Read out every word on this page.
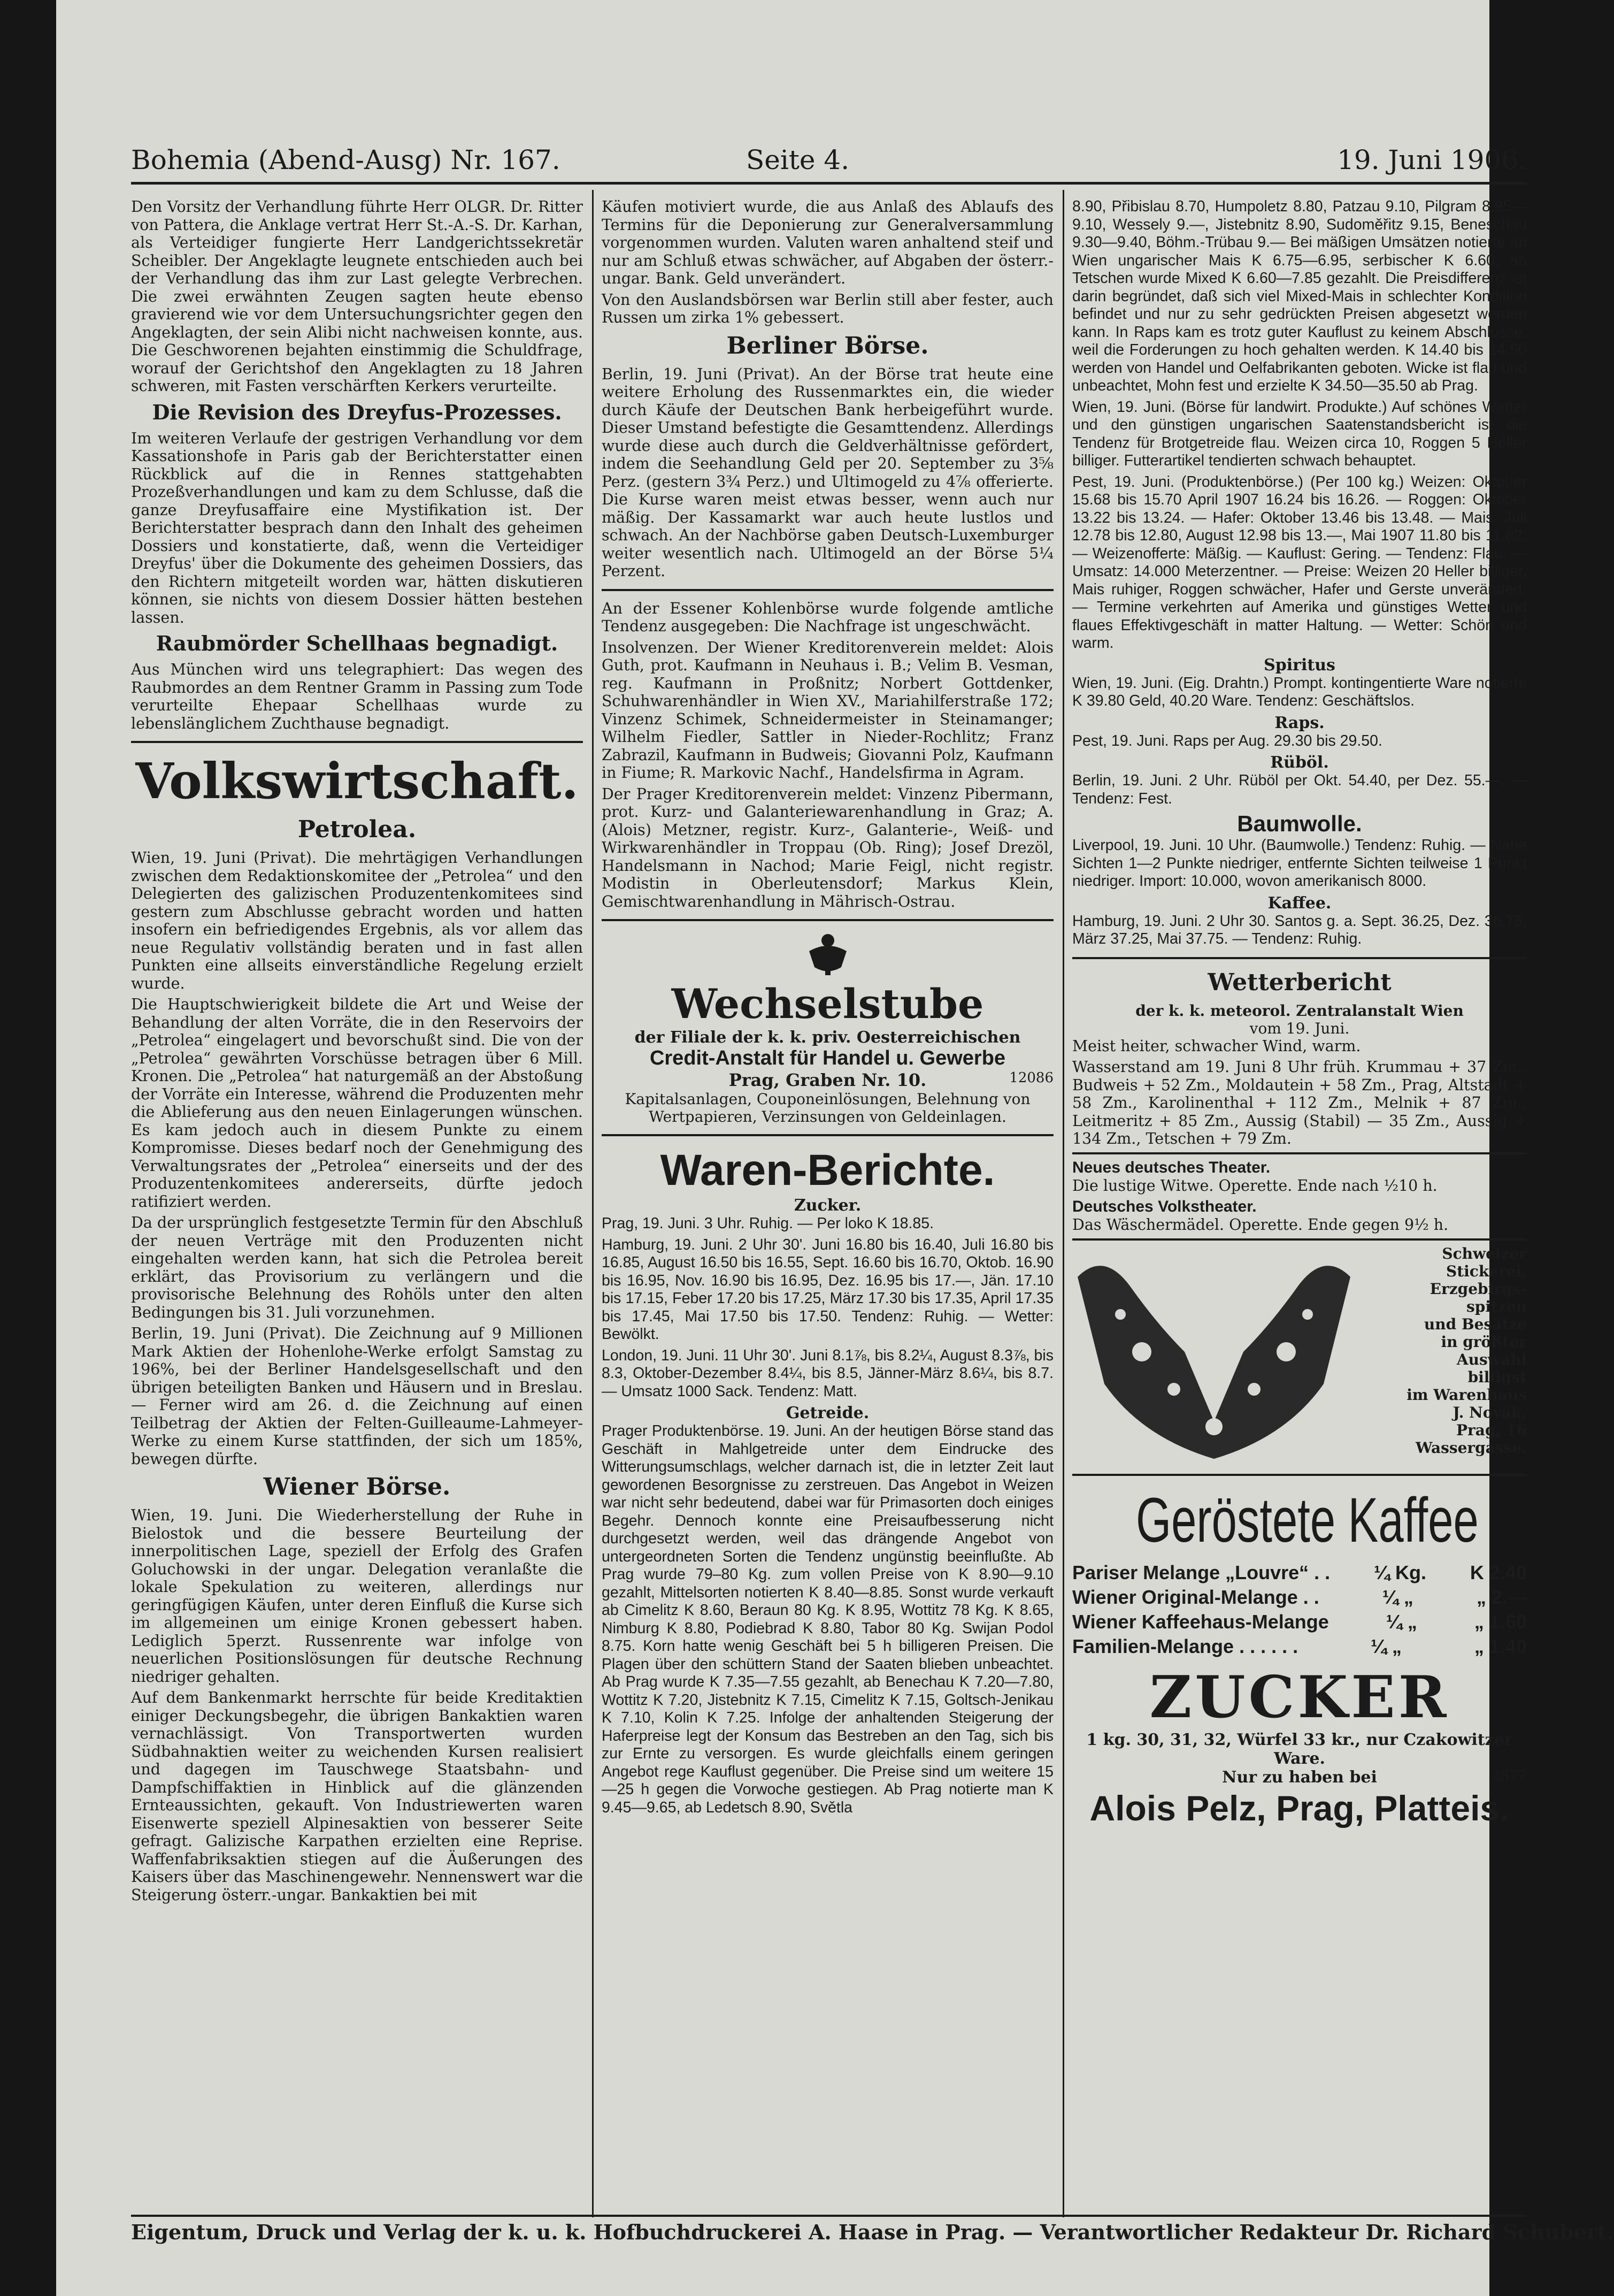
Bohemia (Abend-Ausg) Nr. 167.	Seite 4.	19. Juni 1906.

Den Vorsitz der Verhandlung führte Herr OLGR. Dr. Ritter von Pattera, die Anklage vertrat Herr St.-A.-S. Dr. Karhan, als Verteidiger fungierte Herr Landgerichtssekretär Scheibler. Der Angeklagte leugnete entschieden auch bei der Verhandlung das ihm zur Last gelegte Verbrechen. Die zwei erwähnten Zeugen sagten heute ebenso gravierend wie vor dem Untersuchungsrichter gegen den Angeklagten, der sein Alibi nicht nachweisen konnte, aus. Die Geschworenen bejahten einstimmig die Schuldfrage, worauf der Gerichtshof den Angeklagten zu 18 Jahren schweren, mit Fasten verschärften Kerkers verurteilte.

Die Revision des Dreyfus-Prozesses.

Im weiteren Verlaufe der gestrigen Verhandlung vor dem Kassationshofe in Paris gab der Berichterstatter einen Rückblick auf die in Rennes stattgehabten Prozeßverhandlungen und kam zu dem Schlusse, daß die ganze Dreyfusaffaire eine Mystifikation ist. Der Berichterstatter besprach dann den Inhalt des geheimen Dossiers und konstatierte, daß, wenn die Verteidiger Dreyfus' über die Dokumente des geheimen Dossiers, das den Richtern mitgeteilt worden war, hätten diskutieren können, sie nichts von diesem Dossier hätten bestehen lassen.

Raubmörder Schellhaas begnadigt.

Aus München wird uns telegraphiert: Das wegen des Raubmordes an dem Rentner Gramm in Passing zum Tode verurteilte Ehepaar Schellhaas wurde zu lebenslänglichem Zuchthause begnadigt.

Volkswirtschaft.
Petrolea.

Wien, 19. Juni (Privat). Die mehrtägigen Verhandlungen zwischen dem Redaktionskomitee der „Petrolea“ und den Delegierten des galizischen Produzentenkomitees sind gestern zum Abschlusse gebracht worden und hatten insofern ein befriedigendes Ergebnis, als vor allem das neue Regulativ vollständig beraten und in fast allen Punkten eine allseits einverständliche Regelung erzielt wurde.

Die Hauptschwierigkeit bildete die Art und Weise der Behandlung der alten Vorräte, die in den Reservoirs der „Petrolea“ eingelagert und bevorschußt sind. Die von der „Petrolea“ gewährten Vorschüsse betragen über 6 Mill. Kronen. Die „Petrolea“ hat naturgemäß an der Abstoßung der Vorräte ein Interesse, während die Produzenten mehr die Ablieferung aus den neuen Einlagerungen wünschen. Es kam jedoch auch in diesem Punkte zu einem Kompromisse. Dieses bedarf noch der Genehmigung des Verwaltungsrates der „Petrolea“ einerseits und der des Produzentenkomitees andererseits, dürfte jedoch ratifiziert werden.

Da der ursprünglich festgesetzte Termin für den Abschluß der neuen Verträge mit den Produzenten nicht eingehalten werden kann, hat sich die Petrolea bereit erklärt, das Provisorium zu verlängern und die provisorische Belehnung des Rohöls unter den alten Bedingungen bis 31. Juli vorzunehmen.

Berlin, 19. Juni (Privat). Die Zeichnung auf 9 Millionen Mark Aktien der Hohenlohe-Werke erfolgt Samstag zu 196%, bei der Berliner Handelsgesellschaft und den übrigen beteiligten Banken und Häusern und in Breslau. — Ferner wird am 26. d. die Zeichnung auf einen Teilbetrag der Aktien der Felten-Guilleaume-Lahmeyer-Werke zu einem Kurse stattfinden, der sich um 185%, bewegen dürfte.

Wiener Börse.

Wien, 19. Juni. Die Wiederherstellung der Ruhe in Bielostok und die bessere Beurteilung der innerpolitischen Lage, speziell der Erfolg des Grafen Goluchowski in der ungar. Delegation veranlaßte die lokale Spekulation zu weiteren, allerdings nur geringfügigen Käufen, unter deren Einfluß die Kurse sich im allgemeinen um einige Kronen gebessert haben. Lediglich 5perzt. Russenrente war infolge von neuerlichen Positionslösungen für deutsche Rechnung niedriger gehalten.

Auf dem Bankenmarkt herrschte für beide Kreditaktien einiger Deckungsbegehr, die übrigen Bankaktien waren vernachlässigt. Von Transportwerten wurden Südbahnaktien weiter zu weichenden Kursen realisiert und dagegen im Tauschwege Staatsbahn- und Dampfschiffaktien in Hinblick auf die glänzenden Ernteaussichten, gekauft. Von Industriewerten waren Eisenwerte speziell Alpinesaktien von besserer Seite gefragt. Galizische Karpathen erzielten eine Reprise. Waffenfabriksaktien stiegen auf die Äußerungen des Kaisers über das Maschinengewehr. Nennenswert war die Steigerung österr.-ungar. Bankaktien bei mit

Käufen motiviert wurde, die aus Anlaß des Ablaufs des Termins für die Deponierung zur Generalversammlung vorgenommen wurden. Valuten waren anhaltend steif und nur am Schluß etwas schwächer, auf Abgaben der österr.-ungar. Bank. Geld unverändert.

Von den Auslandsbörsen war Berlin still aber fester, auch Russen um zirka 1% gebessert.

Berliner Börse.

Berlin, 19. Juni (Privat). An der Börse trat heute eine weitere Erholung des Russenmarktes ein, die wieder durch Käufe der Deutschen Bank herbeigeführt wurde. Dieser Umstand befestigte die Gesamttendenz. Allerdings wurde diese auch durch die Geldverhältnisse gefördert, indem die Seehandlung Geld per 20. September zu 3⅝ Perz. (gestern 3¾ Perz.) und Ultimogeld zu 4⅞ offerierte. Die Kurse waren meist etwas besser, wenn auch nur mäßig. Der Kassamarkt war auch heute lustlos und schwach. An der Nachbörse gaben Deutsch-Luxemburger weiter wesentlich nach. Ultimogeld an der Börse 5¼ Perzent.

An der Essener Kohlenbörse wurde folgende amtliche Tendenz ausgegeben: Die Nachfrage ist ungeschwächt.

Insolvenzen. Der Wiener Kreditorenverein meldet: Alois Guth, prot. Kaufmann in Neuhaus i. B.; Velim B. Vesman, reg. Kaufmann in Proßnitz; Norbert Gottdenker, Schuhwarenhändler in Wien XV., Mariahilferstraße 172; Vinzenz Schimek, Schneidermeister in Steinamanger; Wilhelm Fiedler, Sattler in Nieder-Rochlitz; Franz Zabrazil, Kaufmann in Budweis; Giovanni Polz, Kaufmann in Fiume; R. Markovic Nachf., Handelsfirma in Agram.

Der Prager Kreditorenverein meldet: Vinzenz Pibermann, prot. Kurz- und Galanteriewarenhandlung in Graz; A. (Alois) Metzner, registr. Kurz-, Galanterie-, Weiß- und Wirkwarenhändler in Troppau (Ob. Ring); Josef Drezöl, Handelsmann in Nachod; Marie Feigl, nicht registr. Modistin in Oberleutensdorf; Markus Klein, Gemischtwarenhandlung in Mährisch-Ostrau.

Wechselstube
der Filiale der k. k. priv. Oesterreichischen
Credit-Anstalt für Handel u. Gewerbe
Prag, Graben Nr. 10.	12086
Kapitalsanlagen, Couponeinlösungen, Belehnung von Wertpapieren, Verzinsungen von Geldeinlagen.
Waren-Berichte.
Zucker.

Prag, 19. Juni. 3 Uhr. Ruhig. — Per loko K 18.85.

Hamburg, 19. Juni. 2 Uhr 30'. Juni 16.80 bis 16.40, Juli 16.80 bis 16.85, August 16.50 bis 16.55, Sept. 16.60 bis 16.70, Oktob. 16.90 bis 16.95, Nov. 16.90 bis 16.95, Dez. 16.95 bis 17.—, Jän. 17.10 bis 17.15, Feber 17.20 bis 17.25, März 17.30 bis 17.35, April 17.35 bis 17.45, Mai 17.50 bis 17.50. Tendenz: Ruhig. — Wetter: Bewölkt.

London, 19. Juni. 11 Uhr 30'. Juni 8.1⅞, bis 8.2¼, August 8.3⅞, bis 8.3, Oktober-Dezember 8.4¼, bis 8.5, Jänner-März 8.6¼, bis 8.7. — Umsatz 1000 Sack. Tendenz: Matt.

Getreide.

Prager Produktenbörse. 19. Juni. An der heutigen Börse stand das Geschäft in Mahlgetreide unter dem Eindrucke des Witterungsumschlags, welcher darnach ist, die in letzter Zeit laut gewordenen Besorgnisse zu zerstreuen. Das Angebot in Weizen war nicht sehr bedeutend, dabei war für Primasorten doch einiges Begehr. Dennoch konnte eine Preisaufbesserung nicht durchgesetzt werden, weil das drängende Angebot von untergeordneten Sorten die Tendenz ungünstig beeinflußte. Ab Prag wurde 79–80 Kg. zum vollen Preise von K 8.90—9.10 gezahlt, Mittelsorten notierten K 8.40—8.85. Sonst wurde verkauft ab Cimelitz K 8.60, Beraun 80 Kg. K 8.95, Wottitz 78 Kg. K 8.65, Nimburg K 8.80, Podiebrad K 8.80, Tabor 80 Kg. Swijan Podol 8.75. Korn hatte wenig Geschäft bei 5 h billigeren Preisen. Die Plagen über den schüttern Stand der Saaten blieben unbeachtet. Ab Prag wurde K 7.35—7.55 gezahlt, ab Benechau K 7.20—7.80, Wottitz K 7.20, Jistebnitz K 7.15, Cimelitz K 7.15, Goltsch-Jenikau K 7.10, Kolin K 7.25. Infolge der anhaltenden Steigerung der Haferpreise legt der Konsum das Bestreben an den Tag, sich bis zur Ernte zu versorgen. Es wurde gleichfalls einem geringen Angebot rege Kauflust gegenüber. Die Preise sind um weitere 15—25 h gegen die Vorwoche gestiegen. Ab Prag notierte man K 9.45—9.65, ab Ledetsch 8.90, Světla

8.90, Přibislau 8.70, Humpoletz 8.80, Patzau 9.10, Pilgram 8.95—9.10, Wessely 9.—, Jistebnitz 8.90, Sudoměřitz 9.15, Beneschau 9.30—9.40, Böhm.-Trübau 9.— Bei mäßigen Umsätzen notierte ab Wien ungarischer Mais K 6.75—6.95, serbischer K 6.60, ab Tetschen wurde Mixed K 6.60—7.85 gezahlt. Die Preisdifferenz ist darin begründet, daß sich viel Mixed-Mais in schlechter Kondition befindet und nur zu sehr gedrückten Preisen abgesetzt werden kann. In Raps kam es trotz guter Kauflust zu keinem Abschlusse, weil die Forderungen zu hoch gehalten werden. K 14.40 bis 14.50 werden von Handel und Oelfabrikanten geboten. Wicke ist flau und unbeachtet, Mohn fest und erzielte K 34.50—35.50 ab Prag.

Wien, 19. Juni. (Börse für landwirt. Produkte.) Auf schönes Wetter und den günstigen ungarischen Saatenstandsbericht ist die Tendenz für Brotgetreide flau. Weizen circa 10, Roggen 5 Heller billiger. Futterartikel tendierten schwach behauptet.

Pest, 19. Juni. (Produktenbörse.) (Per 100 kg.) Weizen: Oktober 15.68 bis 15.70 April 1907 16.24 bis 16.26. — Roggen: Oktober 13.22 bis 13.24. — Hafer: Oktober 13.46 bis 13.48. — Mais: Juli 12.78 bis 12.80, August 12.98 bis 13.—, Mai 1907 11.80 bis 11.82. — Weizenofferte: Mäßig. — Kauflust: Gering. — Tendenz: Flau. — Umsatz: 14.000 Meterzentner. — Preise: Weizen 20 Heller billiger, Mais ruhiger, Roggen schwächer, Hafer und Gerste unverändert. — Termine verkehrten auf Amerika und günstiges Wetter und flaues Effektivgeschäft in matter Haltung. — Wetter: Schön und warm.

Spiritus

Wien, 19. Juni. (Eig. Drahtn.) Prompt. kontingentierte Ware notierte K 39.80 Geld, 40.20 Ware. Tendenz: Geschäftslos.

Raps.

Pest, 19. Juni. Raps per Aug. 29.30 bis 29.50.

Rüböl.

Berlin, 19. Juni. 2 Uhr. Rüböl per Okt. 54.40, per Dez. 55.—. — Tendenz: Fest.

Baumwolle.

Liverpool, 19. Juni. 10 Uhr. (Baumwolle.) Tendenz: Ruhig. — Nahe Sichten 1—2 Punkte niedriger, entfernte Sichten teilweise 1 Punkt niedriger. Import: 10.000, wovon amerikanisch 8000.

Kaffee.

Hamburg, 19. Juni. 2 Uhr 30. Santos g. a. Sept. 36.25, Dez. 36.75, März 37.25, Mai 37.75. — Tendenz: Ruhig.

Wetterbericht
der k. k. meteorol. Zentralanstalt Wien
vom 19. Juni.

Meist heiter, schwacher Wind, warm.

Wasserstand am 19. Juni 8 Uhr früh. Krummau + 37 Zm., Budweis + 52 Zm., Moldautein + 58 Zm., Prag, Altstadt + 58 Zm., Karolinenthal + 112 Zm., Melnik + 87 Zm., Leitmeritz + 85 Zm., Aussig (Stabil) — 35 Zm., Aussig + 134 Zm., Tetschen + 79 Zm.

Neues deutsches Theater.

Die lustige Witwe. Operette. Ende nach ½10 h.

Deutsches Volkstheater.

Das Wäschermädel. Operette. Ende gegen 9½ h.

Schweizer
Stickerei,
Erzgebirgs-
spitzen
und Besätze
in größter
Auswahl
billigst
im Warenhaus
J. Novák,
Prag, 16
Wassergasse.
Geröstete Kaffee
Pariser Melange „Louvre“ . . ¼ Kg. K 2.40
Wiener Original-Melange . .	¼ „	„ 2.—
Wiener Kaffeehaus-Melange	¼ „	„ 1.60
Familien-Melange . . . . . .	¼ „	„ 1.40
ZUCKER
1 kg. 30, 31, 32, Würfel 33 kr., nur Czakowitzer Ware.
Nur zu haben bei	2877
Alois Pelz, Prag, Platteis.
Eigentum, Druck und Verlag der k. u. k. Hofbuchdruckerei A. Haase in Prag. — Verantwortlicher Redakteur Dr. Richard Schubert.
